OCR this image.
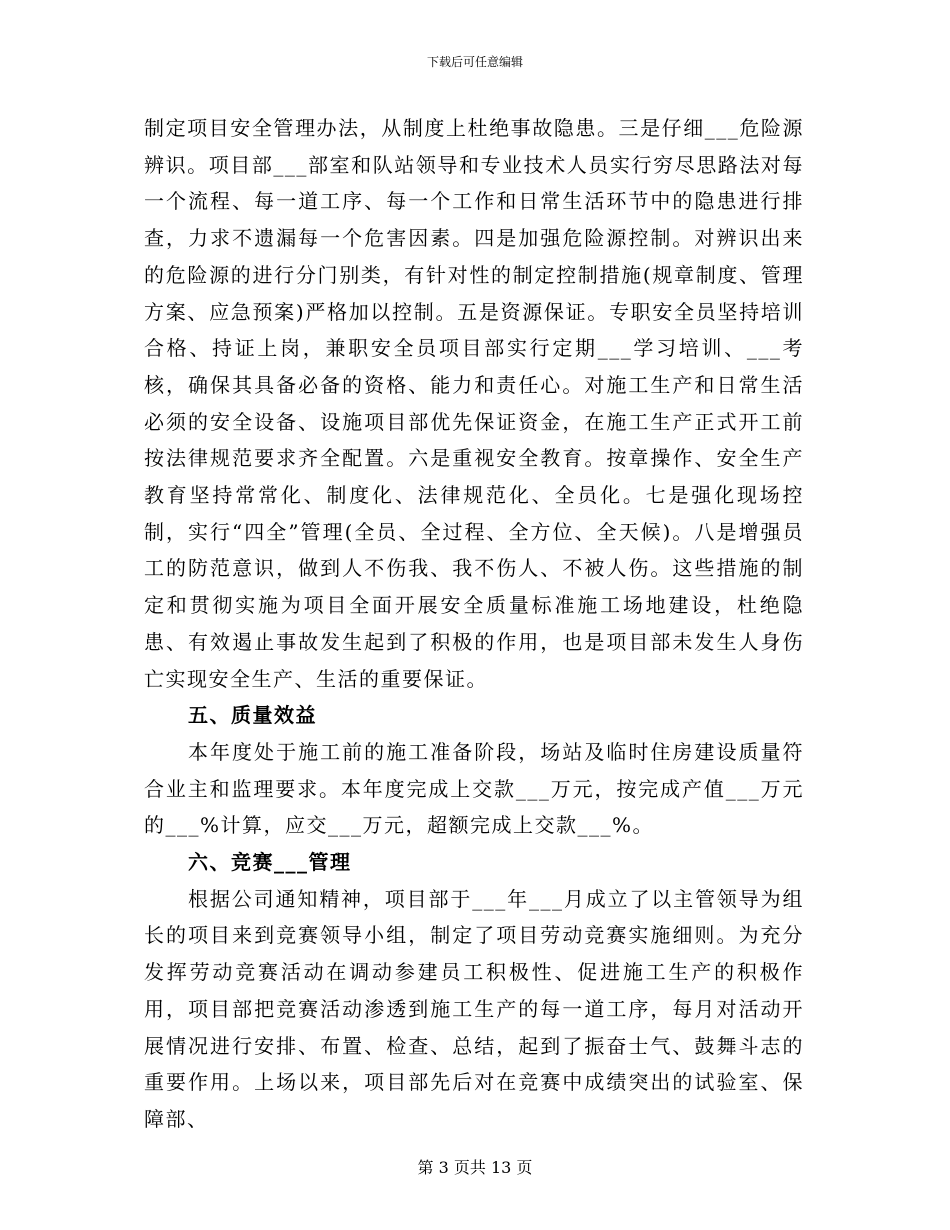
下载后可任意编辑

制定项目安全管理办法，从制度上杜绝事故隐患。三是仔细___危险源辨识。项目部___部室和队站领导和专业技术人员实行穷尽思路法对每一个流程、每一道工序、每一个工作和日常生活环节中的隐患进行排查，力求不遗漏每一个危害因素。四是加强危险源控制。对辨识出来的危险源的进行分门别类，有针对性的制定控制措施(规章制度、管理方案、应急预案)严格加以控制。五是资源保证。专职安全员坚持培训合格、持证上岗，兼职安全员项目部实行定期___学习培训、___考核，确保其具备必备的资格、能力和责任心。对施工生产和日常生活必须的安全设备、设施项目部优先保证资金，在施工生产正式开工前按法律规范要求齐全配置。六是重视安全教育。按章操作、安全生产教育坚持常常化、制度化、法律规范化、全员化。七是强化现场控制，实行“四全”管理(全员、全过程、全方位、全天候)。八是增强员工的防范意识，做到人不伤我、我不伤人、不被人伤。这些措施的制定和贯彻实施为项目全面开展安全质量标准施工场地建设，杜绝隐患、有效遏止事故发生起到了积极的作用，也是项目部未发生人身伤亡实现安全生产、生活的重要保证。

五、质量效益

本年度处于施工前的施工准备阶段，场站及临时住房建设质量符合业主和监理要求。本年度完成上交款___万元，按完成产值___万元的___%计算，应交___万元，超额完成上交款___%。

六、竞赛___管理

根据公司通知精神，项目部于___年___月成立了以主管领导为组长的项目来到竞赛领导小组，制定了项目劳动竞赛实施细则。为充分发挥劳动竞赛活动在调动参建员工积极性、促进施工生产的积极作用，项目部把竞赛活动渗透到施工生产的每一道工序，每月对活动开展情况进行安排、布置、检查、总结，起到了振奋士气、鼓舞斗志的重要作用。上场以来，项目部先后对在竞赛中成绩突出的试验室、保障部、

第 3 页共 13 页
